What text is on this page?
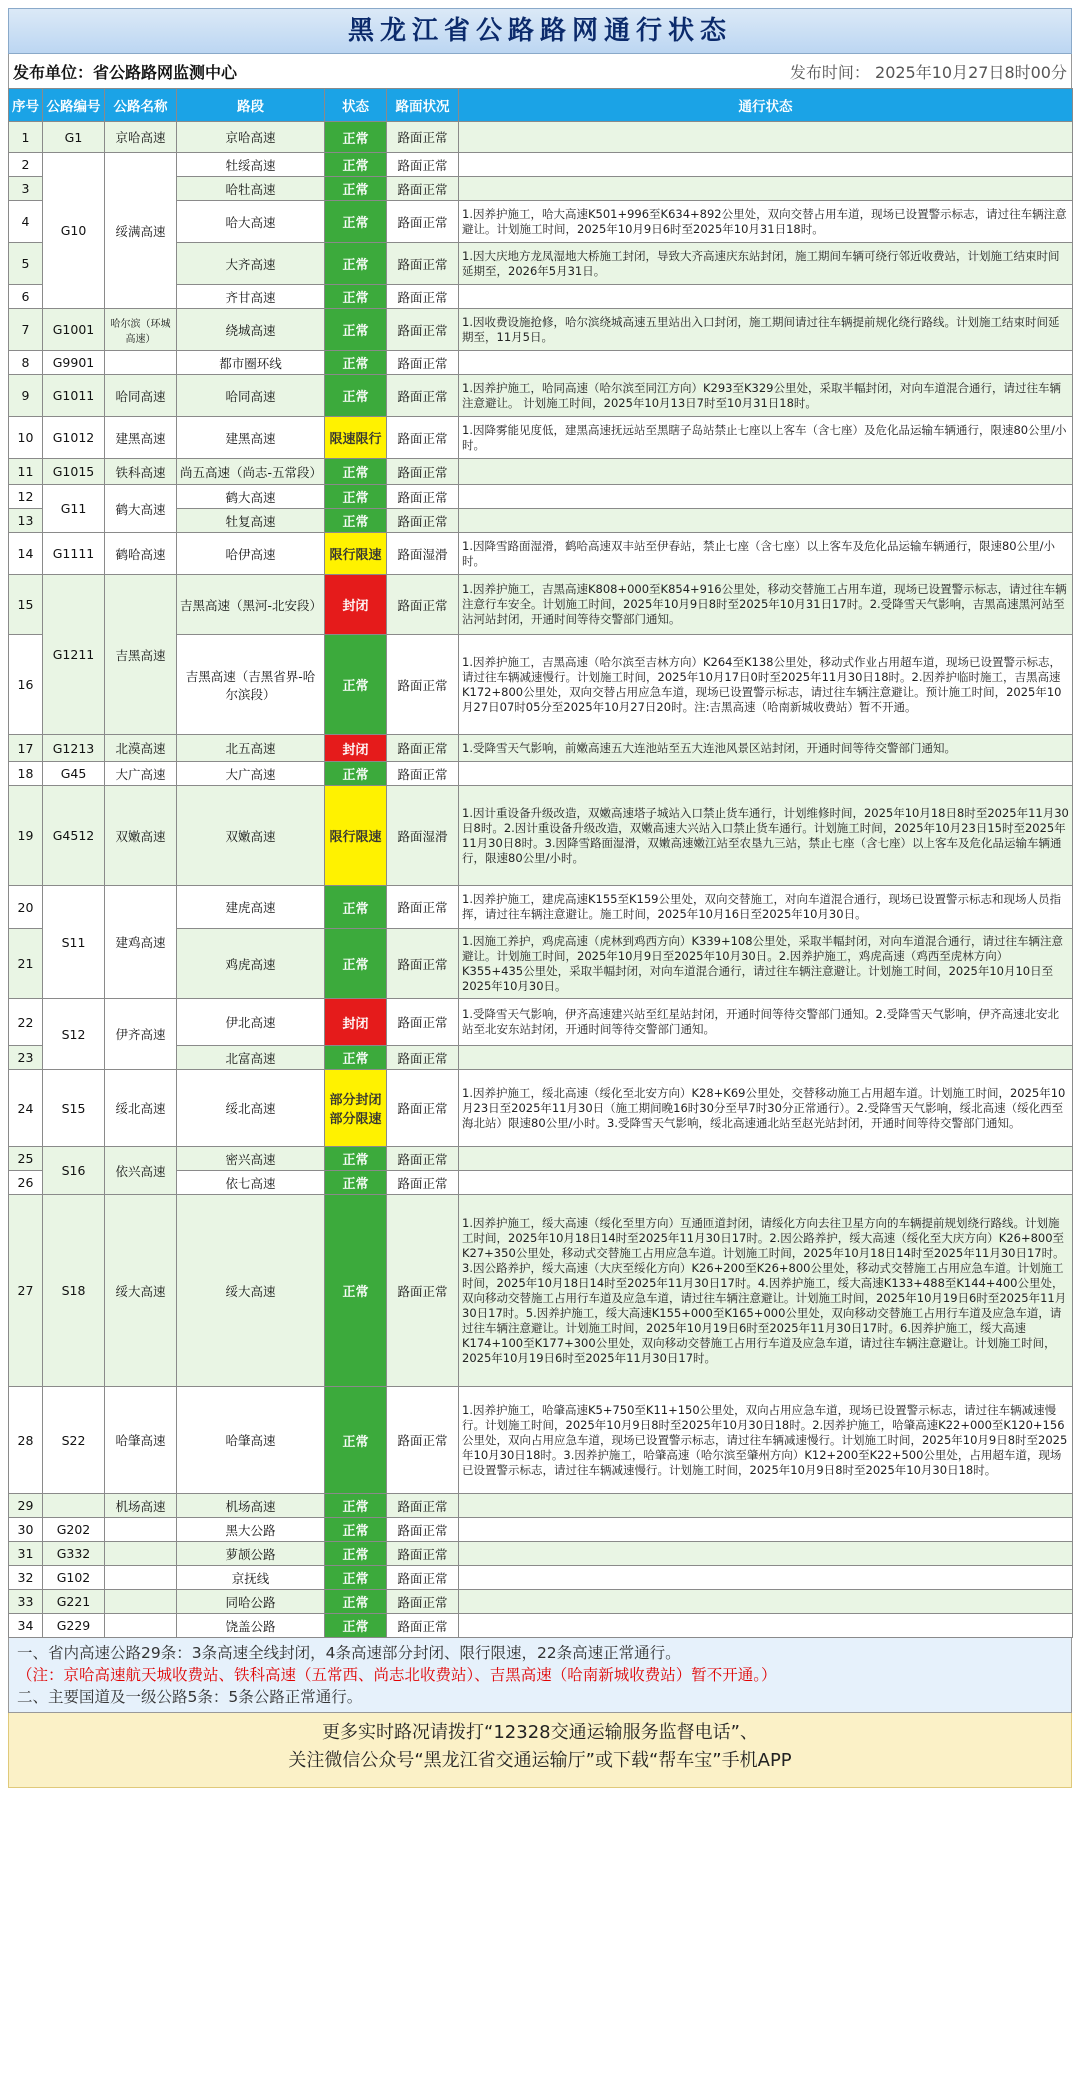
黑龙江省公路路网通行状态
发布单位：省公路路网监测中心	发布时间： 2025年10月27日8时00分
序号	公路编号	公路名称	路段	状态	路面状况	通行状态
1	G1	京哈高速	京哈高速	正常	路面正常	
2	G10	绥满高速	牡绥高速	正常	路面正常	
3			哈牡高速	正常	路面正常	
4			哈大高速	正常	路面正常	1.因养护施工，哈大高速K501+996至K634+892公里处，双向交替占用车道，现场已设置警示标志，请过往车辆注意避让。计划施工时间，2025年10月9日6时至2025年10月31日18时。
5			大齐高速	正常	路面正常	1.因大庆地方龙凤湿地大桥施工封闭，导致大齐高速庆东站封闭，施工期间车辆可绕行邻近收费站，计划施工结束时间延期至，2026年5月31日。
6			齐甘高速	正常	路面正常	
7	G1001	哈尔滨（环城高速）	绕城高速	正常	路面正常	1.因收费设施抢修，哈尔滨绕城高速五里站出入口封闭，施工期间请过往车辆提前规化绕行路线。计划施工结束时间延期至，11月5日。
8	G9901		都市圈环线	正常	路面正常	
9	G1011	哈同高速	哈同高速	正常	路面正常	1.因养护施工，哈同高速（哈尔滨至同江方向）K293至K329公里处，采取半幅封闭，对向车道混合通行，请过往车辆注意避让。 计划施工时间，2025年10月13日7时至10月31日18时。
10	G1012	建黑高速	建黑高速	限速限行	路面正常	1.因降雾能见度低，建黑高速抚远站至黑瞎子岛站禁止七座以上客车（含七座）及危化品运输车辆通行，限速80公里/小时。
11	G1015	铁科高速	尚五高速（尚志-五常段）	正常	路面正常	
12	G11	鹤大高速	鹤大高速	正常	路面正常	
13			牡复高速	正常	路面正常	
14	G1111	鹤哈高速	哈伊高速	限行限速	路面湿滑	1.因降雪路面湿滑，鹤哈高速双丰站至伊春站，禁止七座（含七座）以上客车及危化品运输车辆通行，限速80公里/小时。
15	G1211	吉黑高速	吉黑高速（黑河-北安段）	封闭	路面正常	1.因养护施工，吉黑高速K808+000至K854+916公里处，移动交替施工占用车道，现场已设置警示标志，请过往车辆注意行车安全。计划施工时间，2025年10月9日8时至2025年10月31日17时。2.受降雪天气影响，吉黑高速黑河站至沾河站封闭，开通时间等待交警部门通知。
16			吉黑高速（吉黑省界-哈尔滨段）	正常	路面正常	1.因养护施工，吉黑高速（哈尔滨至吉林方向）K264至K138公里处，移动式作业占用超车道，现场已设置警示标志，请过往车辆减速慢行。计划施工时间，2025年10月17日0时至2025年11月30日18时。2.因养护临时施工，吉黑高速K172+800公里处，双向交替占用应急车道，现场已设置警示标志，请过往车辆注意避让。预计施工时间，2025年10月27日07时05分至2025年10月27日20时。注:吉黑高速（哈南新城收费站）暂不开通。
17	G1213	北漠高速	北五高速	封闭	路面正常	1.受降雪天气影响，前嫩高速五大连池站至五大连池风景区站封闭，开通时间等待交警部门通知。
18	G45	大广高速	大广高速	正常	路面正常	
19	G4512	双嫩高速	双嫩高速	限行限速	路面湿滑	1.因计重设备升级改造，双嫩高速塔子城站入口禁止货车通行，计划维修时间，2025年10月18日8时至2025年11月30日8时。2.因计重设备升级改造，双嫩高速大兴站入口禁止货车通行。计划施工时间，2025年10月23日15时至2025年11月30日8时。3.因降雪路面湿滑，双嫩高速嫩江站至农垦九三站，禁止七座（含七座）以上客车及危化品运输车辆通行，限速80公里/小时。
20	S11	建鸡高速	建虎高速	正常	路面正常	1.因养护施工，建虎高速K155至K159公里处，双向交替施工，对向车道混合通行，现场已设置警示标志和现场人员指挥，请过往车辆注意避让。施工时间，2025年10月16日至2025年10月30日。
21			鸡虎高速	正常	路面正常	1.因施工养护，鸡虎高速（虎林到鸡西方向）K339+108公里处，采取半幅封闭，对向车道混合通行，请过往车辆注意避让。计划施工时间，2025年10月9日至2025年10月30日。2.因养护施工，鸡虎高速（鸡西至虎林方向）K355+435公里处，采取半幅封闭，对向车道混合通行，请过往车辆注意避让。计划施工时间，2025年10月10日至2025年10月30日。
22	S12	伊齐高速	伊北高速	封闭	路面正常	1.受降雪天气影响，伊齐高速建兴站至红星站封闭，开通时间等待交警部门通知。2.受降雪天气影响，伊齐高速北安北站至北安东站封闭，开通时间等待交警部门通知。
23			北富高速	正常	路面正常	
24	S15	绥北高速	绥北高速	部分封闭部分限速	路面正常	1.因养护施工，绥北高速（绥化至北安方向）K28+K69公里处，交替移动施工占用超车道。计划施工时间，2025年10月23日至2025年11月30日（施工期间晚16时30分至早7时30分正常通行）。2.受降雪天气影响，绥北高速（绥化西至海北站）限速80公里/小时。3.受降雪天气影响，绥北高速通北站至赵光站封闭，开通时间等待交警部门通知。
25	S16	依兴高速	密兴高速	正常	路面正常	
26			依七高速	正常	路面正常	
27	S18	绥大高速	绥大高速	正常	路面正常	1.因养护施工，绥大高速（绥化至里方向）互通匝道封闭，请绥化方向去往卫星方向的车辆提前规划绕行路线。计划施工时间，2025年10月18日14时至2025年11月30日17时。2.因公路养护，绥大高速（绥化至大庆方向）K26+800至K27+350公里处，移动式交替施工占用应急车道。计划施工时间，2025年10月18日14时至2025年11月30日17时。3.因公路养护，绥大高速（大庆至绥化方向）K26+200至K26+800公里处，移动式交替施工占用应急车道。计划施工时间，2025年10月18日14时至2025年11月30日17时。4.因养护施工，绥大高速K133+488至K144+400公里处，双向移动交替施工占用行车道及应急车道，请过往车辆注意避让。计划施工时间，2025年10月19日6时至2025年11月30日17时。5.因养护施工，绥大高速K155+000至K165+000公里处，双向移动交替施工占用行车道及应急车道，请过往车辆注意避让。计划施工时间，2025年10月19日6时至2025年11月30日17时。6.因养护施工，绥大高速K174+100至K177+300公里处，双向移动交替施工占用行车道及应急车道，请过往车辆注意避让。计划施工时间，2025年10月19日6时至2025年11月30日17时。
28	S22	哈肇高速	哈肇高速	正常	路面正常	1.因养护施工，哈肇高速K5+750至K11+150公里处，双向占用应急车道，现场已设置警示标志，请过往车辆减速慢行。计划施工时间，2025年10月9日8时至2025年10月30日18时。2.因养护施工，哈肇高速K22+000至K120+156公里处，双向占用应急车道，现场已设置警示标志，请过往车辆减速慢行。计划施工时间，2025年10月9日8时至2025年10月30日18时。3.因养护施工，哈肇高速（哈尔滨至肇州方向）K12+200至K22+500公里处，占用超车道，现场已设置警示标志，请过往车辆减速慢行。计划施工时间，2025年10月9日8时至2025年10月30日18时。
29		机场高速	机场高速	正常	路面正常	
30	G202		黑大公路	正常	路面正常	
31	G332		萝颉公路	正常	路面正常	
32	G102		京抚线	正常	路面正常	
33	G221		同哈公路	正常	路面正常	
34	G229		饶盖公路	正常	路面正常	
一、省内高速公路29条：3条高速全线封闭，4条高速部分封闭、限行限速，22条高速正常通行。
（注：京哈高速航天城收费站、铁科高速（五常西、尚志北收费站）、吉黑高速（哈南新城收费站）暂不开通。）
二、主要国道及一级公路5条：5条公路正常通行。
更多实时路况请拨打“12328交通运输服务监督电话”、
关注微信公众号“黑龙江省交通运输厅”或下载“帮车宝”手机APP
